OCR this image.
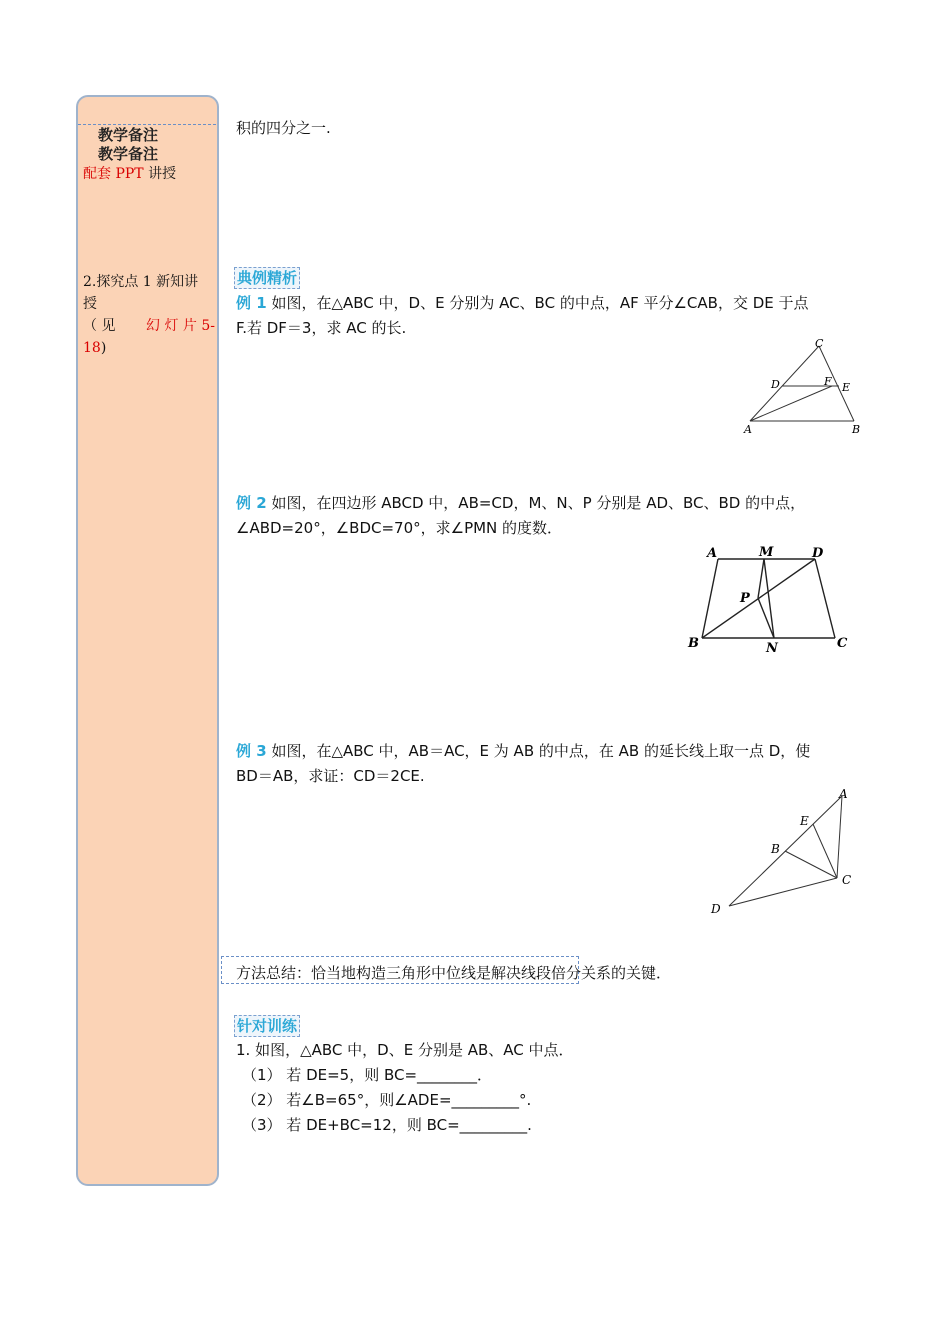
教学备注
教学备注
配套 PPT 讲授
2.探究点 1 新知讲
授
（ 见 幻 灯 片 5-
18)
积的四分之一.
典例精析
例 1 如图，在△ABC 中，D、E 分别为 AC、BC 的中点，AF 平分∠CAB，交 DE 于点
F.若 DF＝3，求 AC 的长.
A	B
C
D	E
F
例 2 如图，在四边形 ABCD 中，AB=CD，M、N、P 分别是 AD、BC、BD 的中点，
∠ABD=20°，∠BDC=70°，求∠PMN 的度数．
A	M	D
P
B	N	C
例 3 如图，在△ABC 中，AB＝AC，E 为 AB 的中点，在 AB 的延长线上取一点 D，使
BD＝AB，求证：CD＝2CE.
A
E
B
C
D
方法总结：恰当地构造三角形中位线是解决线段倍分关系的关键．
针对训练
1. 如图，△ABC 中，D、E 分别是 AB、AC 中点．
（1） 若 DE=5，则 BC=________．
（2） 若∠B=65°，则∠ADE=_________°.
（3） 若 DE+BC=12，则 BC=_________.
